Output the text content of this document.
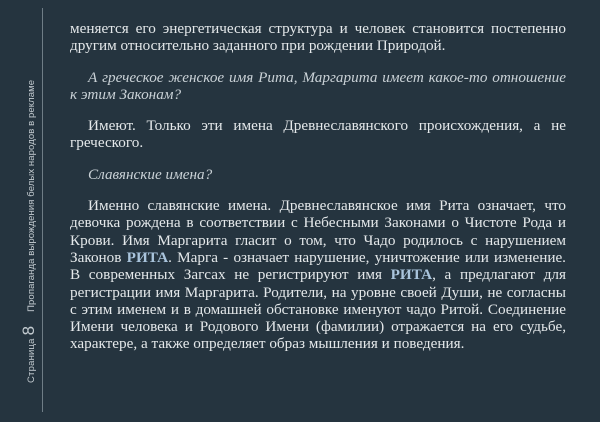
Страница
8
Пропаганда вырождения белых народов в рекламе

меняется его энергетическая структура и человек становится постепенно другим относительно заданного при рождении Природой.

А греческое женское имя Рита, Маргарита имеет какое-то отношение к этим Законам?

Имеют. Только эти имена Древнеславянского происхождения, а не греческого.

Славянские имена?

Именно славянские имена. Древнеславянское имя Рита означает, что девочка рождена в соответствии с Небесными Законами о Чистоте Рода и Крови. Имя Маргарита гласит о том, что Чадо родилось с нарушением Законов РИТА. Марга - означает нарушение, уничтожение или изменение. В современных Загсах не регистрируют имя РИТА, а предлагают для регистрации имя Маргарита. Родители, на уровне своей Души, не согласны с этим именем и в домашней обстановке именуют чадо Ритой. Соединение Имени человека и Родового Имени (фамилии) отражается на его судьбе, характере, а также определяет образ мышления и поведения.
